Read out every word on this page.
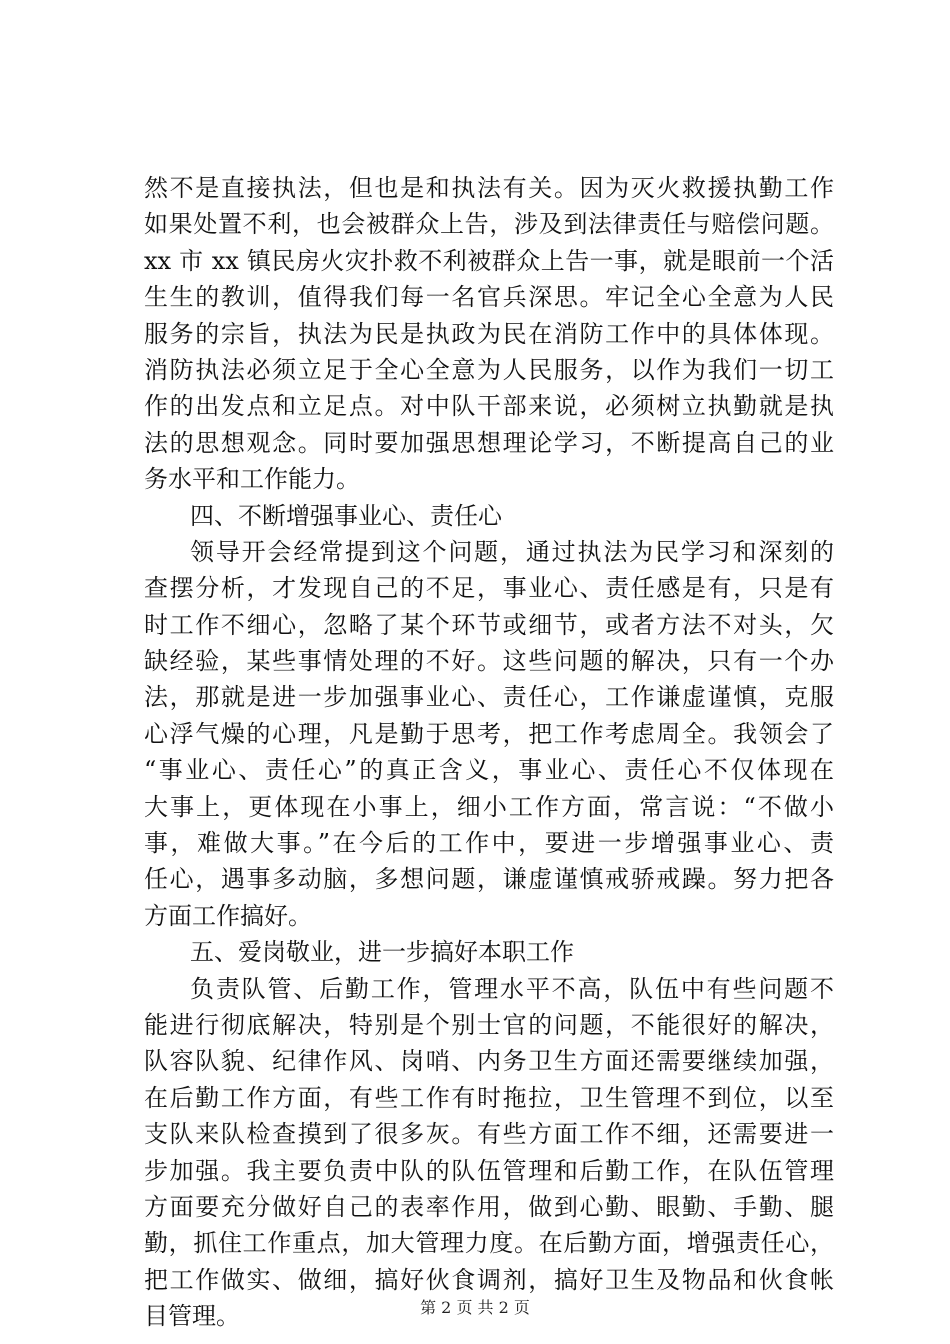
然不是直接执法，但也是和执法有关。因为灭火救援执勤工作
如果处置不利，也会被群众上告，涉及到法律责任与赔偿问题。
xx 市 xx 镇民房火灾扑救不利被群众上告一事，就是眼前一个活
生生的教训，值得我们每一名官兵深思。牢记全心全意为人民
服务的宗旨，执法为民是执政为民在消防工作中的具体体现。
消防执法必须立足于全心全意为人民服务，以作为我们一切工
作的出发点和立足点。对中队干部来说，必须树立执勤就是执
法的思想观念。同时要加强思想理论学习，不断提高自己的业
务水平和工作能力。
四、不断增强事业心、责任心
领导开会经常提到这个问题，通过执法为民学习和深刻的
查摆分析，才发现自己的不足，事业心、责任感是有，只是有
时工作不细心，忽略了某个环节或细节，或者方法不对头，欠
缺经验，某些事情处理的不好。这些问题的解决，只有一个办
法，那就是进一步加强事业心、责任心，工作谦虚谨慎，克服
心浮气燥的心理，凡是勤于思考，把工作考虑周全。我领会了
“事业心、责任心”的真正含义，事业心、责任心不仅体现在
大事上，更体现在小事上，细小工作方面，常言说：“不做小
事，难做大事。”在今后的工作中，要进一步增强事业心、责
任心，遇事多动脑，多想问题，谦虚谨慎戒骄戒躁。努力把各
方面工作搞好。
五、爱岗敬业，进一步搞好本职工作
负责队管、后勤工作，管理水平不高，队伍中有些问题不
能进行彻底解决，特别是个别士官的问题，不能很好的解决，
队容队貌、纪律作风、岗哨、内务卫生方面还需要继续加强，
在后勤工作方面，有些工作有时拖拉，卫生管理不到位，以至
支队来队检查摸到了很多灰。有些方面工作不细，还需要进一
步加强。我主要负责中队的队伍管理和后勤工作，在队伍管理
方面要充分做好自己的表率作用，做到心勤、眼勤、手勤、腿
勤，抓住工作重点，加大管理力度。在后勤方面，增强责任心，
把工作做实、做细，搞好伙食调剂，搞好卫生及物品和伙食帐
目管理。	第 2 页 共 2 页
